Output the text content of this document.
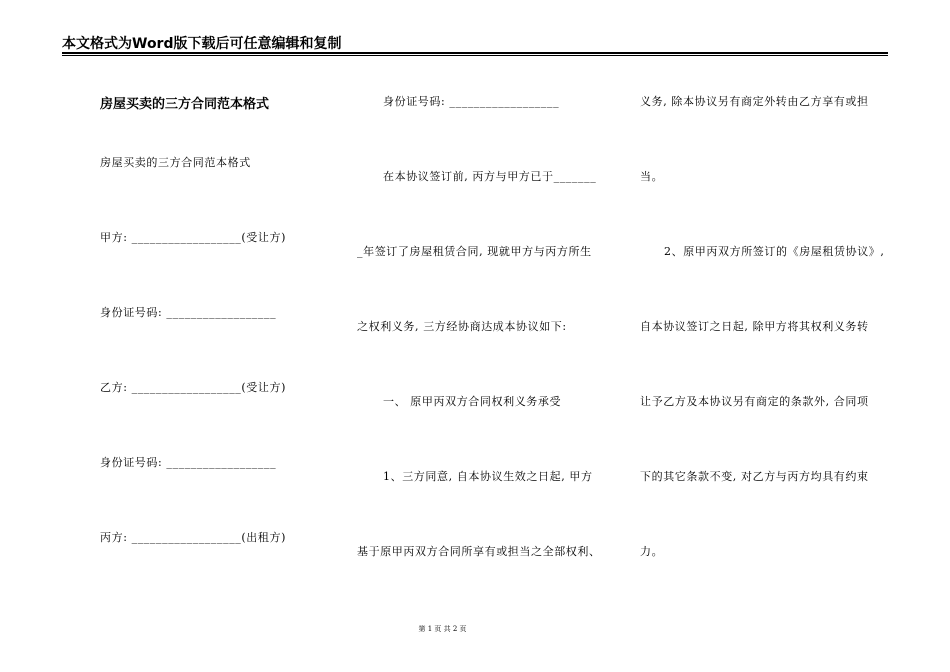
本文格式为Word版下载后可任意编辑和复制
房屋买卖的三方合同范本格式
房屋买卖的三方合同范本格式
甲方: __________________(受让方)
身份证号码: __________________
乙方: __________________(受让方)
身份证号码: __________________
丙方: __________________(出租方)
身份证号码: __________________
在本协议签订前, 丙方与甲方已于_______
_年签订了房屋租赁合同, 现就甲方与丙方所生
之权利义务, 三方经协商达成本协议如下:
一、 原甲丙双方合同权利义务承受
1、三方同意, 自本协议生效之日起, 甲方
基于原甲丙双方合同所享有或担当之全部权利、
义务, 除本协议另有商定外转由乙方享有或担
当。
2、原甲丙双方所签订的《房屋租赁协议》,
自本协议签订之日起, 除甲方将其权利义务转
让予乙方及本协议另有商定的条款外, 合同项
下的其它条款不变, 对乙方与丙方均具有约束
力。
第 1 页 共 2 页
